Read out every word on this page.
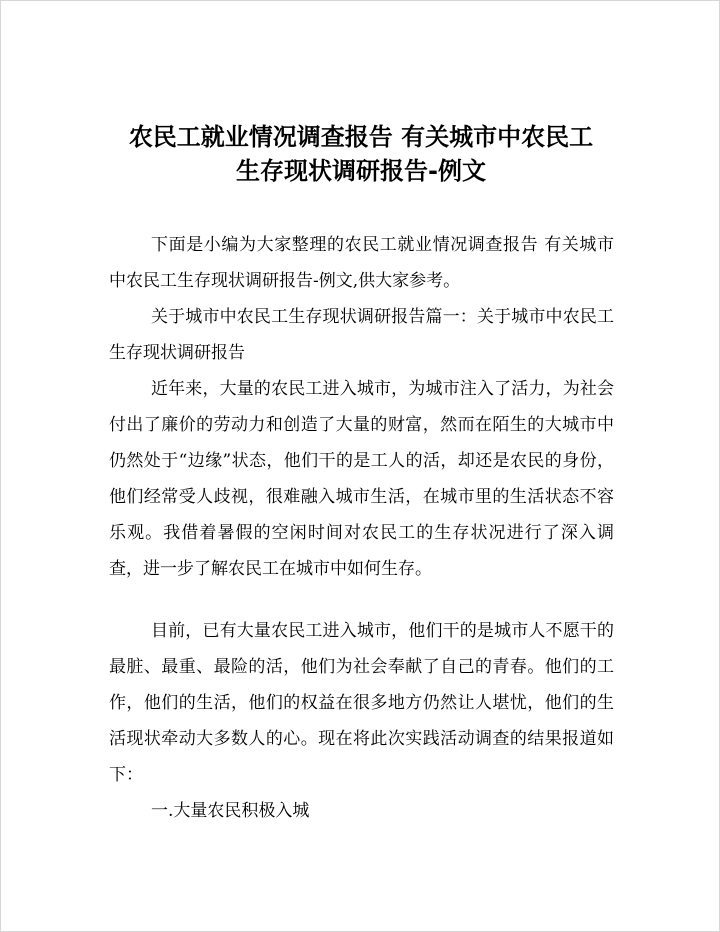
农民工就业情况调查报告 有关城市中农民工
生存现状调研报告-例文

下面是小编为大家整理的农民工就业情况调查报告 有关城市中农民工生存现状调研报告-例文,供大家参考。

关于城市中农民工生存现状调研报告篇一：关于城市中农民工生存现状调研报告

近年来，大量的农民工进入城市，为城市注入了活力，为社会付出了廉价的劳动力和创造了大量的财富，然而在陌生的大城市中仍然处于“边缘”状态，他们干的是工人的活，却还是农民的身份，他们经常受人歧视，很难融入城市生活，在城市里的生活状态不容乐观。我借着暑假的空闲时间对农民工的生存状况进行了深入调查，进一步了解农民工在城市中如何生存。

目前，已有大量农民工进入城市，他们干的是城市人不愿干的最脏、最重、最险的活，他们为社会奉献了自己的青春。他们的工作，他们的生活，他们的权益在很多地方仍然让人堪忧，他们的生活现状牵动大多数人的心。现在将此次实践活动调查的结果报道如下：

一.大量农民积极入城
